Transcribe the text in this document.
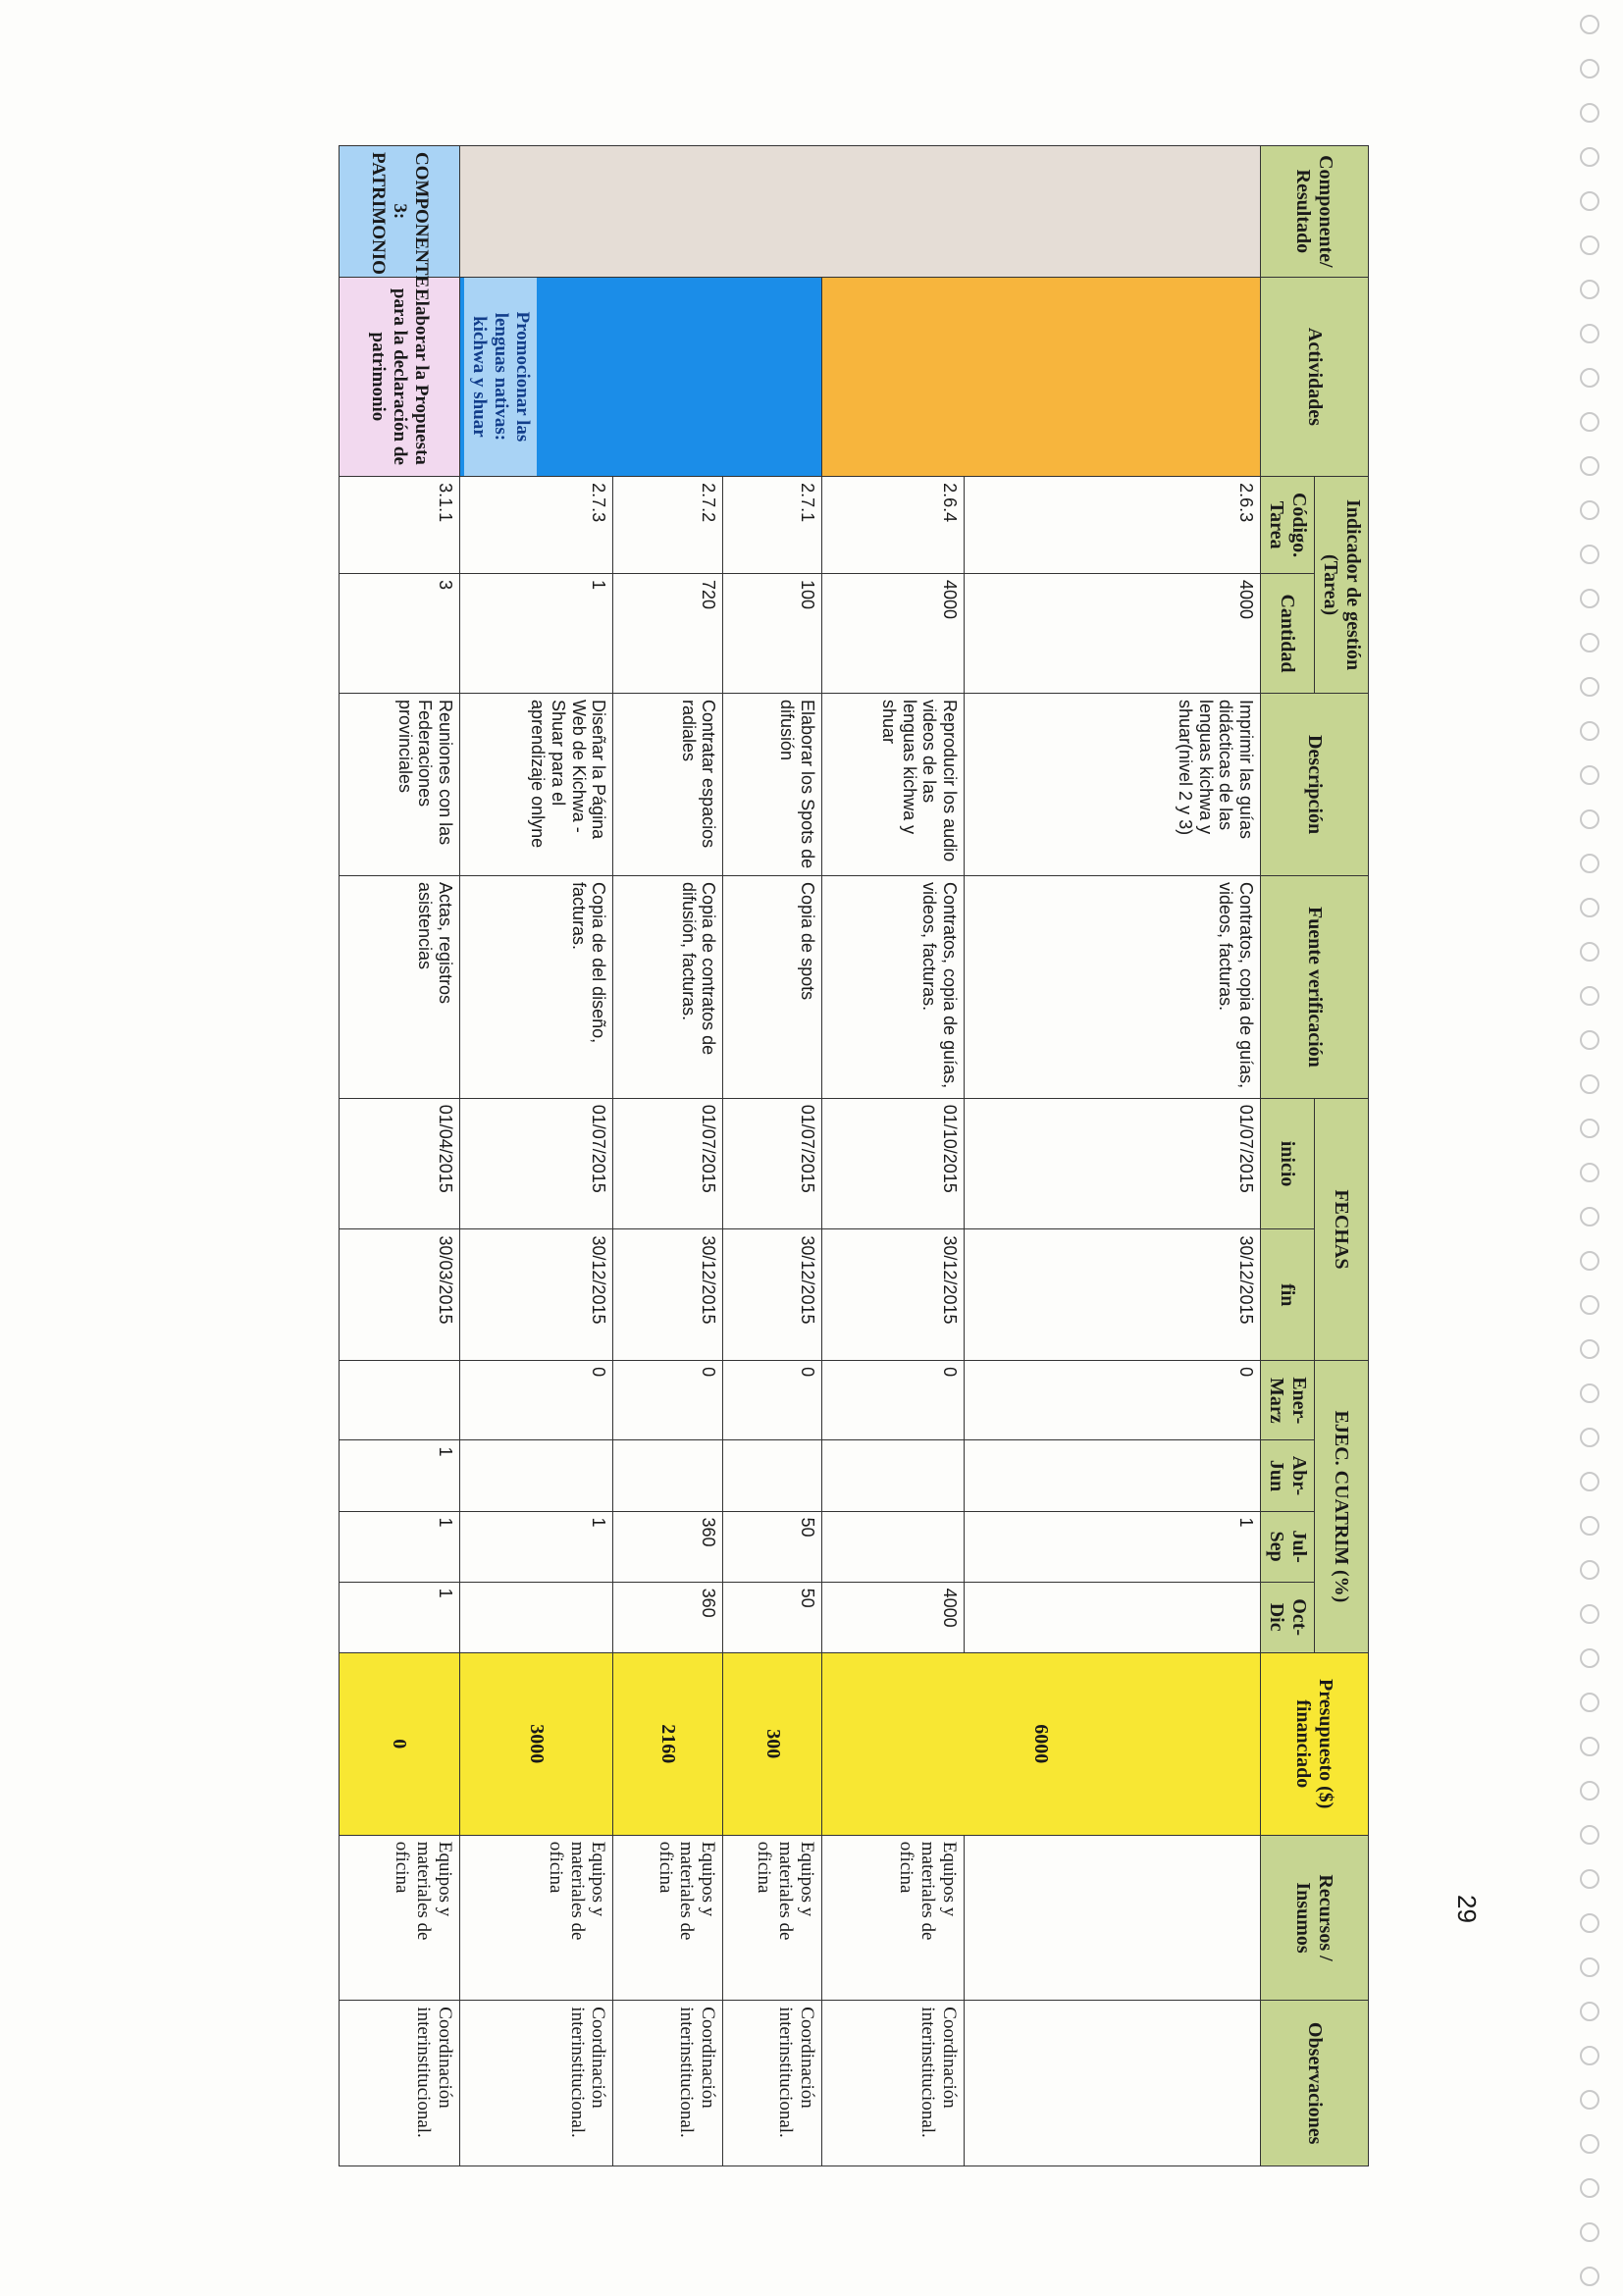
29
Componente/ Resultado	Actividades	Indicador de gestión (Tarea)		Descripción	Fuente verificación	FECHAS		EJEC. CUATRIM (%)				Presupuesto ($) financiado	Recursos / Insumos	Observaciones
		Código. Tarea	Cantidad			inicio	fin	Ener-Marz	Abr-Jun	Jul-Sep	Oct-Dic			
		2.6.3	4000	Imprimir las guías didácticas de las lenguas kichwa y shuar(nivel 2 y 3)	Contratos, copia de guías, videos, facturas.	01/07/2015	30/12/2015	0		1		6000		
		2.6.4	4000	Reproducir los audio videos de las lenguas kichwa y shuar	Contratos, copia de guías, videos, facturas.	01/10/2015	30/12/2015	0			4000		Equipos y materiales de oficina	Coordinación interinstitucional.

	Promocionar las lenguas nativas: kichwa y shuar	2.7.1	100	Elaborar los Spots de difusión	Copia de spots	01/07/2015	30/12/2015	0		50	50	300	Equipos y materiales de oficina	Coordinación interinstitucional.
		2.7.2	720	Contratar espacios radiales	Copia de contratos de difusión, facturas.	01/07/2015	30/12/2015	0		360	360	2160	Equipos y materiales de oficina	Coordinación interinstitucional.
		2.7.3	1	Diseñar la Página Web de Kichwa -Shuar para el aprendizaje onlyne	Copia de del diseño, facturas.	01/07/2015	30/12/2015	0		1		3000	Equipos y materiales de oficina	Coordinación interinstitucional.
COMPONENTE 3: PATRIMONIO	Elaborar la Propuesta para la declaración de patrimonio	3.1.1	3	Reuniones con las Federaciones provinciales	Actas, registros asistencias	01/04/2015	30/03/2015		1	1	1	0	Equipos y materiales de oficina	Coordinación interinstitucional.
